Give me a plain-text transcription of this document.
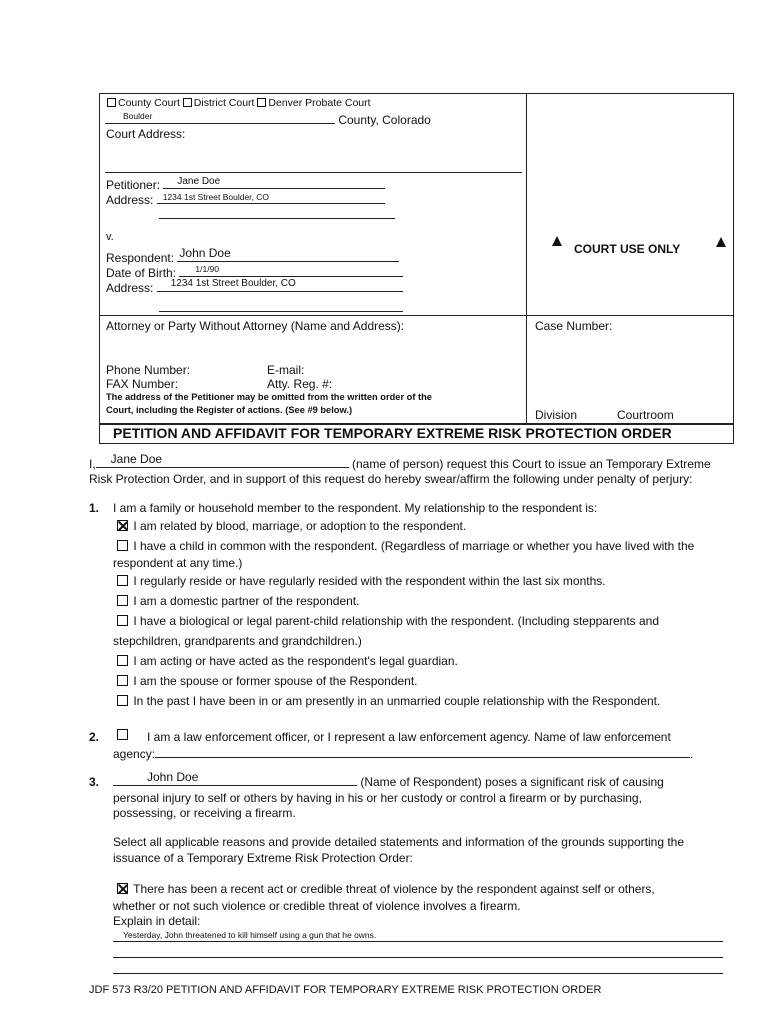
County Court District Court Denver Probate Court
Boulder	County, Colorado
Court Address:
Petitioner: Jane Doe
Address: 1234 1st Street Boulder, CO
v.
Respondent: John Doe
Date of Birth: 1/1/90
Address: 1234 1st Street Boulder, CO
COURT USE ONLY
Attorney or Party Without Attorney (Name and Address):
Phone Number:	E-mail:
FAX Number:	Atty. Reg. #:
The address of the Petitioner may be omitted from the written order of the
Court, including the Register of actions. (See #9 below.)
Case Number:
Division	Courtroom
PETITION AND AFFIDAVIT FOR TEMPORARY EXTREME RISK PROTECTION ORDER
I, Jane Doe	(name of person) request this Court to issue an Temporary Extreme
Risk Protection Order, and in support of this request do hereby swear/affirm the following under penalty of perjury:
1. I am a family or household member to the respondent. My relationship to the respondent is:
I am related by blood, marriage, or adoption to the respondent.
I have a child in common with the respondent. (Regardless of marriage or whether you have lived with the
respondent at any time.)
I regularly reside or have regularly resided with the respondent within the last six months.
I am a domestic partner of the respondent.
I have a biological or legal parent-child relationship with the respondent. (Including stepparents and
stepchildren, grandparents and grandchildren.)
I am acting or have acted as the respondent's legal guardian.
I am the spouse or former spouse of the Respondent.
In the past I have been in or am presently in an unmarried couple relationship with the Respondent.
2.	I am a law enforcement officer, or I represent a law enforcement agency. Name of law enforcement
agency:	.
3.	John Doe	(Name of Respondent) poses a significant risk of causing
personal injury to self or others by having in his or her custody or control a firearm or by purchasing,
possessing, or receiving a firearm.
Select all applicable reasons and provide detailed statements and information of the grounds supporting the
issuance of a Temporary Extreme Risk Protection Order:
There has been a recent act or credible threat of violence by the respondent against self or others,
whether or not such violence or credible threat of violence involves a firearm.
Explain in detail:
Yesterday, John threatened to kill himself using a gun that he owns.
JDF 573 R3/20 PETITION AND AFFIDAVIT FOR TEMPORARY EXTREME RISK PROTECTION ORDER
